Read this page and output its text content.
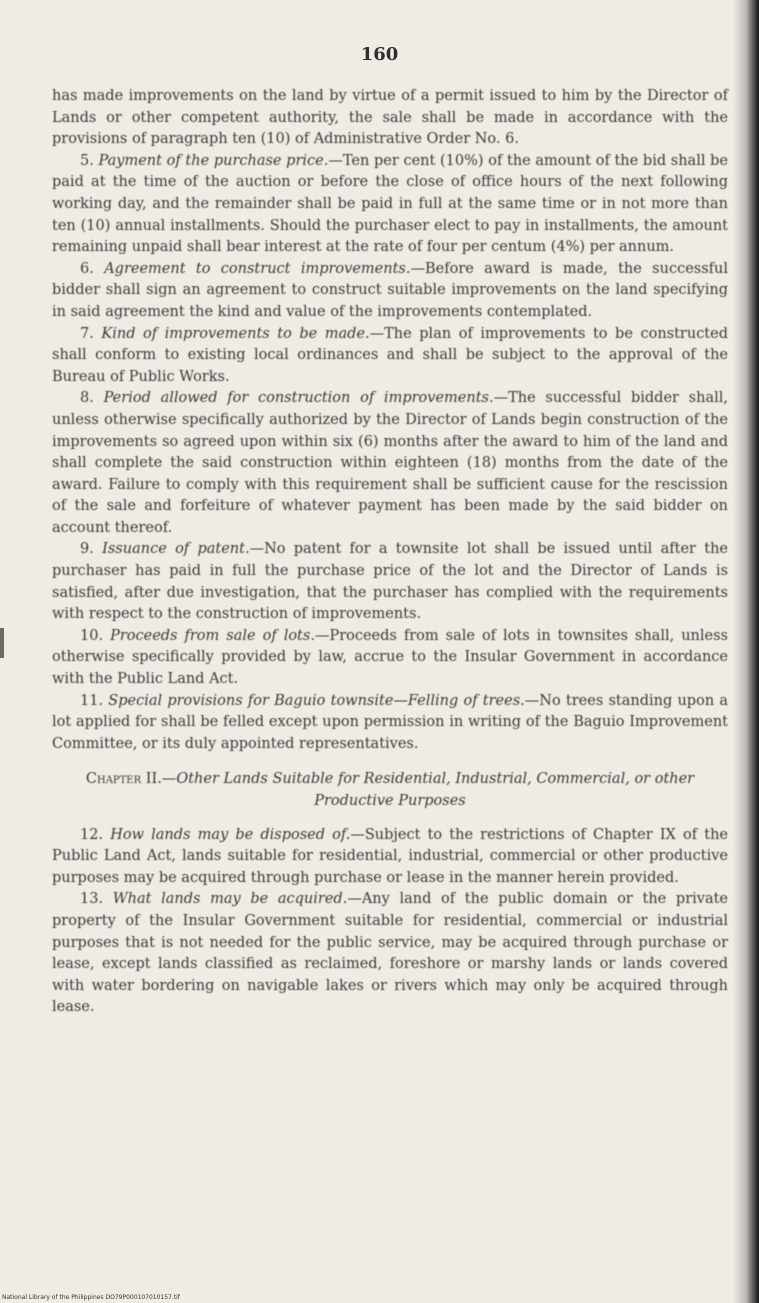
160

has made improvements on the land by virtue of a permit issued to him by the Director of Lands or other competent authority, the sale shall be made in accordance with the provisions of paragraph ten (10) of Administrative Order No. 6.

5. Payment of the purchase price.—Ten per cent (10%) of the amount of the bid shall be paid at the time of the auction or before the close of office hours of the next following working day, and the remainder shall be paid in full at the same time or in not more than ten (10) annual installments. Should the purchaser elect to pay in installments, the amount remaining unpaid shall bear interest at the rate of four per centum (4%) per annum.

6. Agreement to construct improvements.—Before award is made, the successful bidder shall sign an agreement to construct suitable improvements on the land specifying in said agreement the kind and value of the improvements contemplated.

7. Kind of improvements to be made.—The plan of improvements to be constructed shall conform to existing local ordinances and shall be subject to the approval of the Bureau of Public Works.

8. Period allowed for construction of improvements.—The successful bidder shall, unless otherwise specifically authorized by the Director of Lands begin construction of the improvements so agreed upon within six (6) months after the award to him of the land and shall complete the said construction within eighteen (18) months from the date of the award. Failure to comply with this requirement shall be sufficient cause for the rescission of the sale and forfeiture of whatever payment has been made by the said bidder on account thereof.

9. Issuance of patent.—No patent for a townsite lot shall be issued until after the purchaser has paid in full the purchase price of the lot and the Director of Lands is satisfied, after due investigation, that the purchaser has complied with the requirements with respect to the construction of improvements.

10. Proceeds from sale of lots.—Proceeds from sale of lots in townsites shall, unless otherwise specifically provided by law, accrue to the Insular Government in accordance with the Public Land Act.

11. Special provisions for Baguio townsite—Felling of trees.—No trees standing upon a lot applied for shall be felled except upon permission in writing of the Baguio Improvement Committee, or its duly appointed representatives.

Chapter II.—Other Lands Suitable for Residential, Industrial, Commercial, or other Productive Purposes

12. How lands may be disposed of.—Subject to the restrictions of Chapter IX of the Public Land Act, lands suitable for residential, industrial, commercial or other productive purposes may be acquired through purchase or lease in the manner herein provided.

13. What lands may be acquired.—Any land of the public domain or the private property of the Insular Government suitable for residential, commercial or industrial purposes that is not needed for the public service, may be acquired through purchase or lease, except lands classified as reclaimed, foreshore or marshy lands or lands covered with water bordering on navigable lakes or rivers which may only be acquired through lease.

National Library of the Philippines DO79P000107010157.tif
